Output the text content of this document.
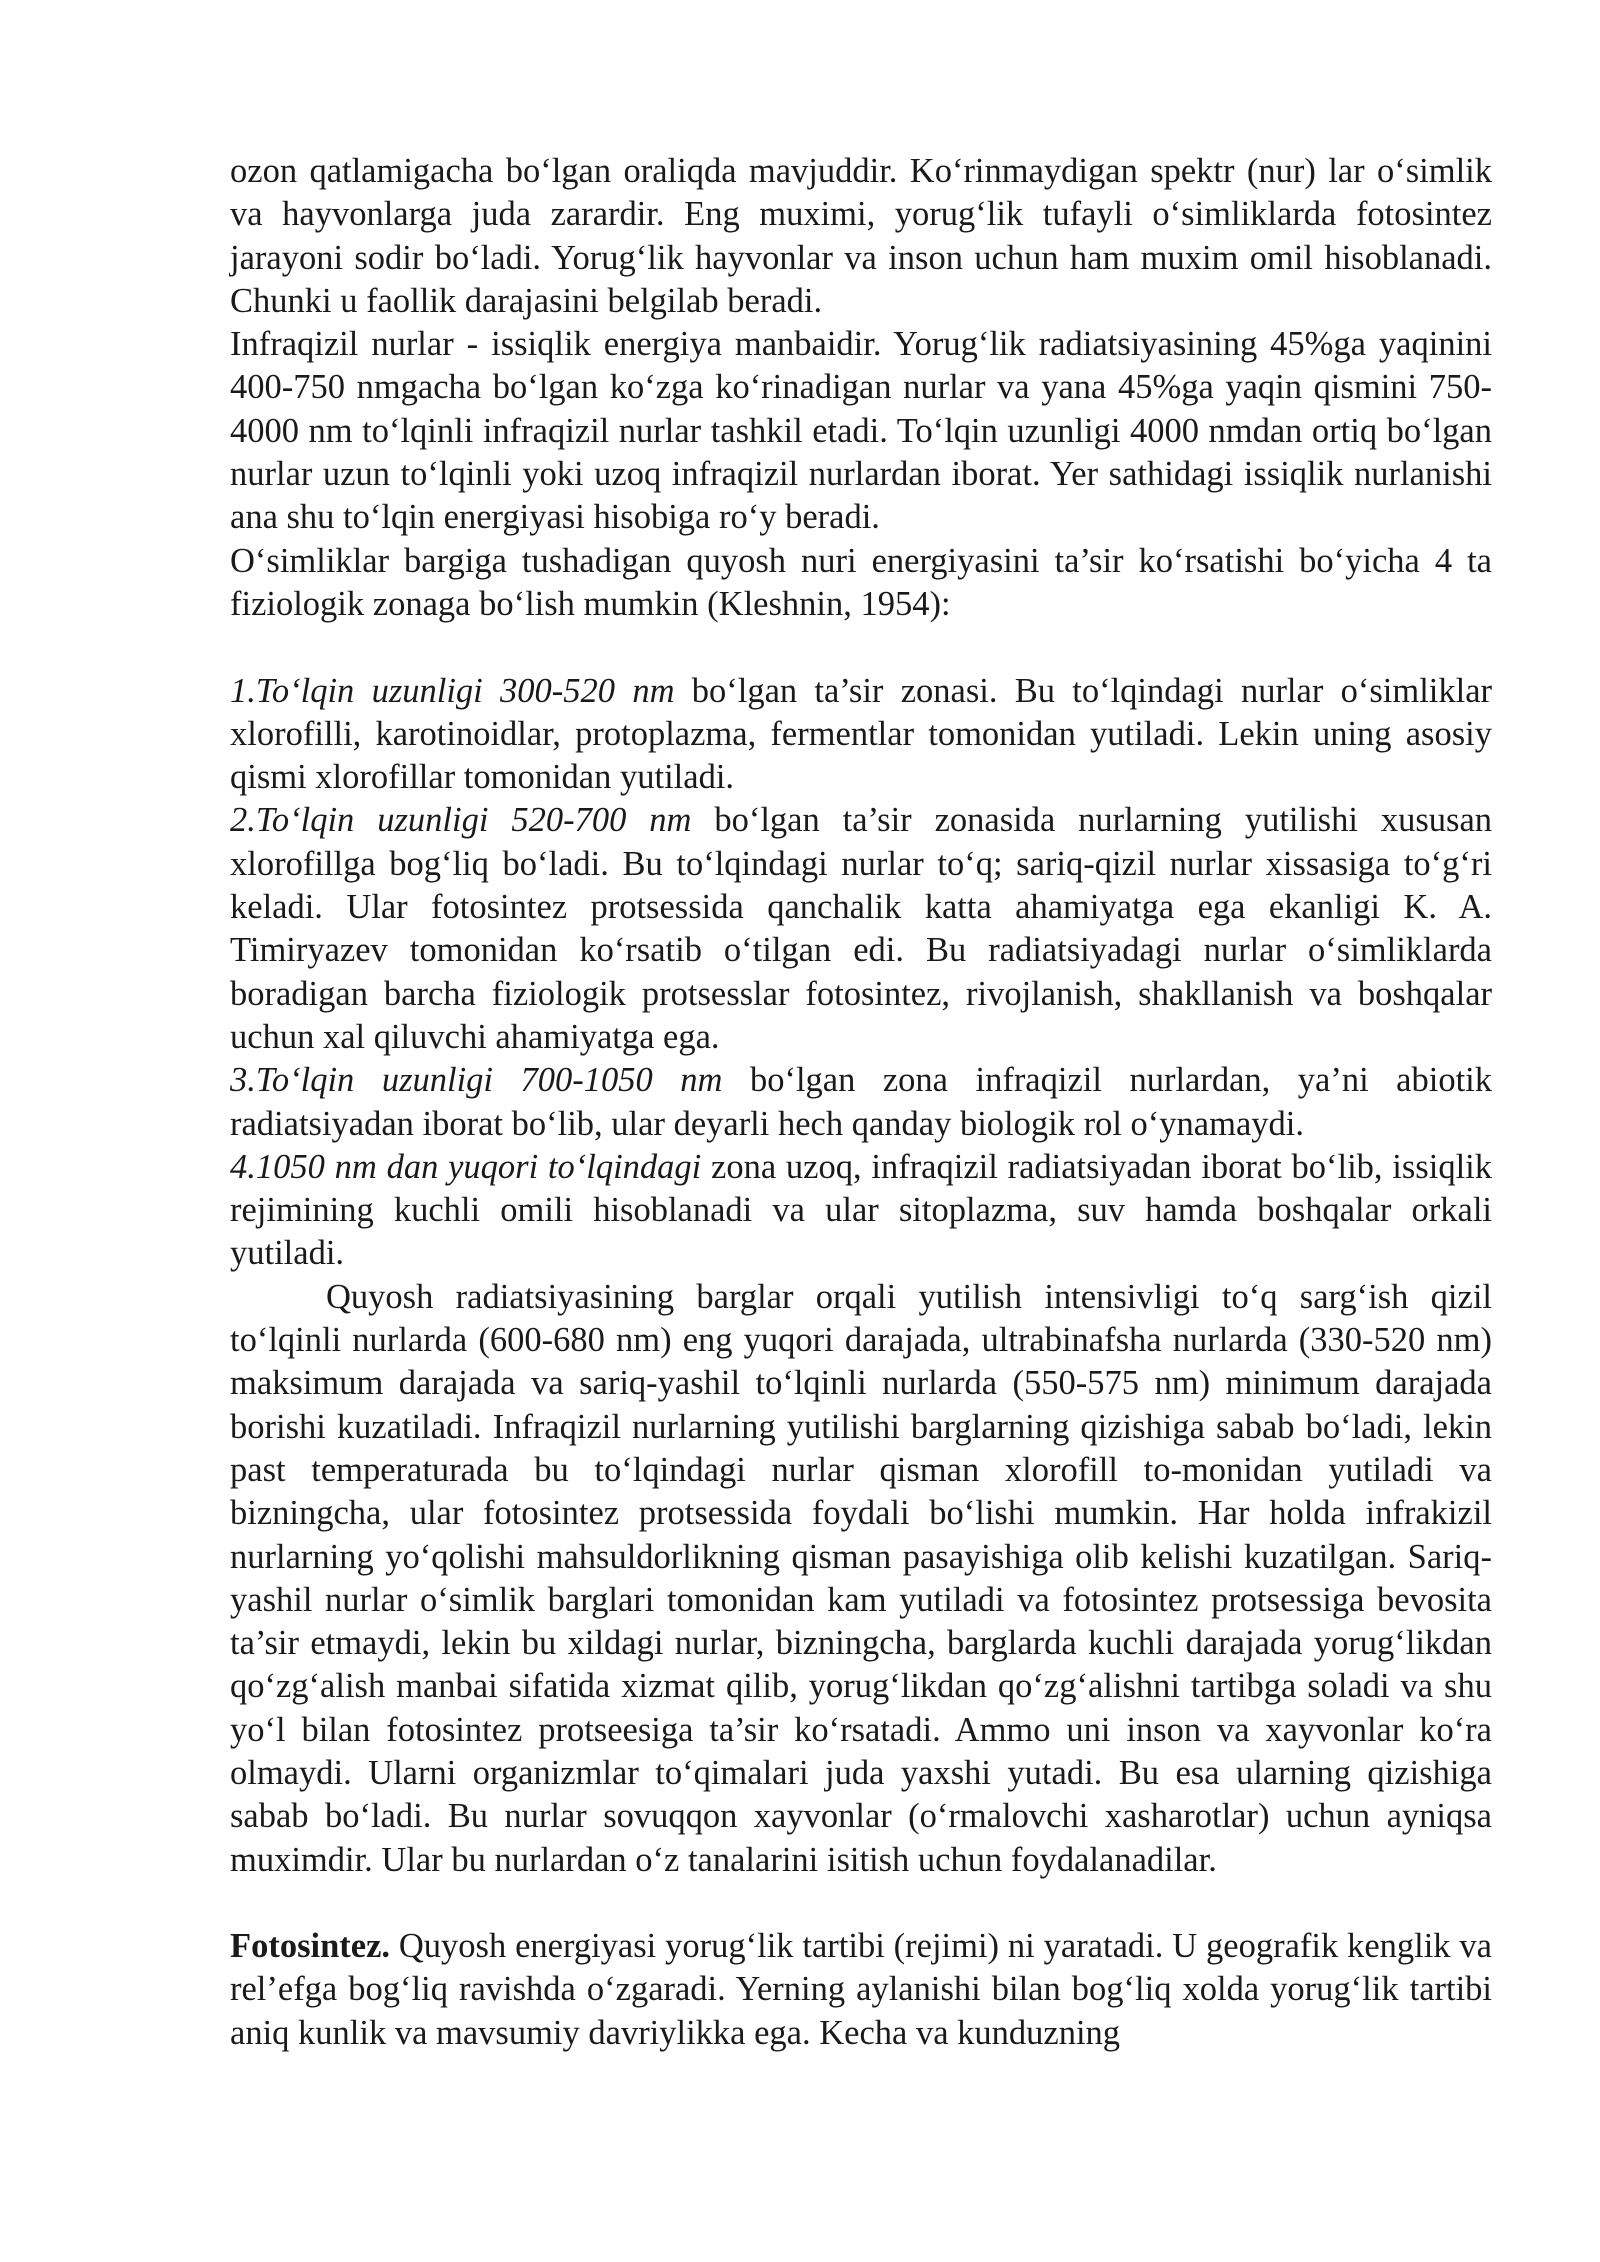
ozon qatlamigacha bo‘lgan oraliqda mavjuddir. Ko‘rinmaydigan spektr (nur) lar o‘simlik va hayvonlarga juda zarardir. Eng muximi, yorug‘lik tufayli o‘simliklarda fotosintez jarayoni sodir bo‘ladi. Yorug‘lik hayvonlar va inson uchun ham muxim omil hisoblanadi. Chunki u faollik darajasini belgilab beradi.

Infraqizil nurlar - issiqlik energiya manbaidir. Yorug‘lik radiatsiyasining 45%ga yaqinini 400-750 nmgacha bo‘lgan ko‘zga ko‘rinadigan nurlar va yana 45%ga yaqin qismini 750-4000 nm to‘lqinli infraqizil nurlar tashkil etadi. To‘lqin uzunligi 4000 nmdan ortiq bo‘lgan nurlar uzun to‘lqinli yoki uzoq infraqizil nurlardan iborat. Yer sathidagi issiqlik nurlanishi ana shu to‘lqin energiyasi hisobiga ro‘y beradi.

O‘simliklar bargiga tushadigan quyosh nuri energiyasini ta’sir ko‘rsatishi bo‘yicha 4 ta fiziologik zonaga bo‘lish mumkin (Kleshnin, 1954):

1.To‘lqin uzunligi 300-520 nm bo‘lgan ta’sir zonasi. Bu to‘lqindagi nurlar o‘simliklar xlorofilli, karotinoidlar, protoplazma, fermentlar tomonidan yutiladi. Lekin uning asosiy qismi xlorofillar tomonidan yutiladi.

2.To‘lqin uzunligi 520-700 nm bo‘lgan ta’sir zonasida nurlarning yutilishi xususan xlorofillga bog‘liq bo‘ladi. Bu to‘lqindagi nurlar to‘q; sariq-qizil nurlar xissasiga to‘g‘ri keladi. Ular fotosintez protsessida qanchalik katta ahamiyatga ega ekanligi K. A. Timiryazev tomonidan ko‘rsatib o‘tilgan edi. Bu radiatsiyadagi nurlar o‘simliklarda boradigan barcha fiziologik protsesslar fotosintez, rivojlanish, shakllanish va boshqalar uchun xal qiluvchi ahamiyatga ega.

3.To‘lqin uzunligi 700-1050 nm bo‘lgan zona infraqizil nurlardan, ya’ni abiotik radiatsiyadan iborat bo‘lib, ular deyarli hech qanday biologik rol o‘ynamaydi.

4.1050 nm dan yuqori to‘lqindagi zona uzoq, infraqizil radiatsiyadan iborat bo‘lib, issiqlik rejimining kuchli omili hisoblanadi va ular sitoplazma, suv hamda boshqalar orkali yutiladi.

Quyosh radiatsiyasining barglar orqali yutilish intensivligi to‘q sarg‘ish qizil to‘lqinli nurlarda (600-680 nm) eng yuqori darajada, ultrabinafsha nurlarda (330-520 nm) maksimum darajada va sariq-yashil to‘lqinli nurlarda (550-575 nm) minimum darajada borishi kuzatiladi. Infraqizil nurlarning yutilishi barglarning qizishiga sabab bo‘ladi, lekin past temperaturada bu to‘lqindagi nurlar qisman xlorofill to-monidan yutiladi va bizningcha, ular fotosintez protsessida foydali bo‘lishi mumkin. Har holda infrakizil nurlarning yo‘qolishi mahsuldorlikning qisman pasayishiga olib kelishi kuzatilgan. Sariq-yashil nurlar o‘simlik barglari tomonidan kam yutiladi va fotosintez protsessiga bevosita ta’sir etmaydi, lekin bu xildagi nurlar, bizningcha, barglarda kuchli darajada yorug‘likdan qo‘zg‘alish manbai sifatida xizmat qilib, yorug‘likdan qo‘zg‘alishni tartibga soladi va shu yo‘l bilan fotosintez protseesiga ta’sir ko‘rsatadi. Ammo uni inson va xayvonlar ko‘ra olmaydi. Ularni organizmlar to‘qimalari juda yaxshi yutadi. Bu esa ularning qizishiga sabab bo‘ladi. Bu nurlar sovuqqon xayvonlar (o‘rmalovchi xasharotlar) uchun ayniqsa muximdir. Ular bu nurlardan o‘z tanalarini isitish uchun foydalanadilar.

Fotosintez. Quyosh energiyasi yorug‘lik tartibi (rejimi) ni yaratadi. U geografik kenglik va rel’efga bog‘liq ravishda o‘zgaradi. Yerning aylanishi bilan bog‘liq xolda yorug‘lik tartibi aniq kunlik va mavsumiy davriylikka ega. Kecha va kunduzning
